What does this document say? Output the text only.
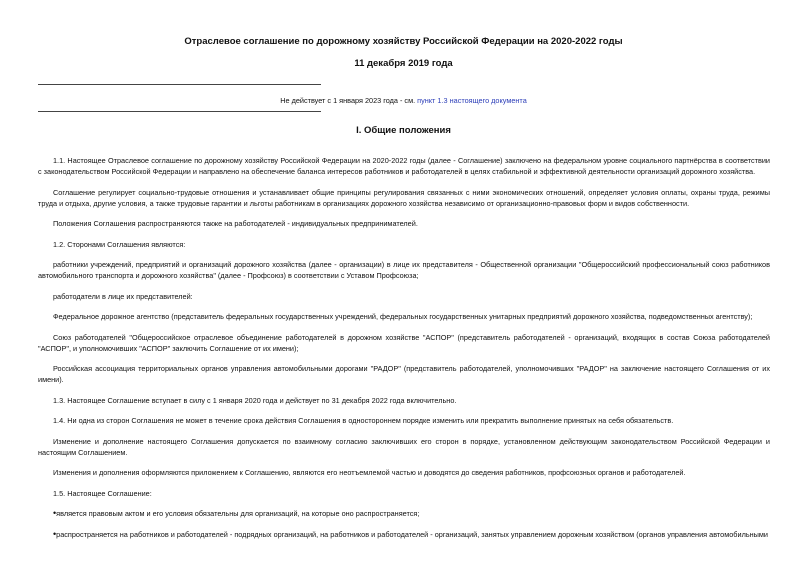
Отраслевое соглашение по дорожному хозяйству Российской Федерации на 2020-2022 годы
11 декабря 2019 года
Не действует с 1 января 2023 года - см. пункт 1.3 настоящего документа
I. Общие положения

1.1. Настоящее Отраслевое соглашение по дорожному хозяйству Российской Федерации на 2020-2022 годы (далее - Соглашение) заключено на федеральном уровне социального партнёрства в соответствии с законодательством Российской Федерации и направлено на обеспечение баланса интересов работников и работодателей в целях стабильной и эффективной деятельности организаций дорожного хозяйства.

Соглашение регулирует социально-трудовые отношения и устанавливает общие принципы регулирования связанных с ними экономических отношений, определяет условия оплаты, охраны труда, режимы труда и отдыха, другие условия, а также трудовые гарантии и льготы работникам в организациях дорожного хозяйства независимо от организационно-правовых форм и видов собственности.

Положения Соглашения распространяются также на работодателей - индивидуальных предпринимателей.

1.2. Сторонами Соглашения являются:

работники учреждений, предприятий и организаций дорожного хозяйства (далее - организации) в лице их представителя - Общественной организации "Общероссийский профессиональный союз работников автомобильного транспорта и дорожного хозяйства" (далее - Профсоюз) в соответствии с Уставом Профсоюза;

работодатели в лице их представителей:

Федеральное дорожное агентство (представитель федеральных государственных учреждений, федеральных государственных унитарных предприятий дорожного хозяйства, подведомственных агентству);

Союз работодателей "Общероссийское отраслевое объединение работодателей в дорожном хозяйстве "АСПОР" (представитель работодателей - организаций, входящих в состав Союза работодателей "АСПОР", и уполномочивших "АСПОР" заключить Соглашение от их имени);

Российская ассоциация территориальных органов управления автомобильными дорогами "РАДОР" (представитель работодателей, уполномочивших "РАДОР" на заключение настоящего Соглашения от их имени).

1.3. Настоящее Соглашение вступает в силу с 1 января 2020 года и действует по 31 декабря 2022 года включительно.

1.4. Ни одна из сторон Соглашения не может в течение срока действия Соглашения в одностороннем порядке изменить или прекратить выполнение принятых на себя обязательств.

Изменение и дополнение настоящего Соглашения допускается по взаимному согласию заключивших его сторон в порядке, установленном действующим законодательством Российской Федерации и настоящим Соглашением.

Изменения и дополнения оформляются приложением к Соглашению, являются его неотъемлемой частью и доводятся до сведения работников, профсоюзных органов и работодателей.

1.5. Настоящее Соглашение:

•является правовым актом и его условия обязательны для организаций, на которые оно распространяется;

•распространяется на работников и работодателей - подрядных организаций, на работников и работодателей - организаций, занятых управлением дорожным хозяйством (органов управления автомобильными
